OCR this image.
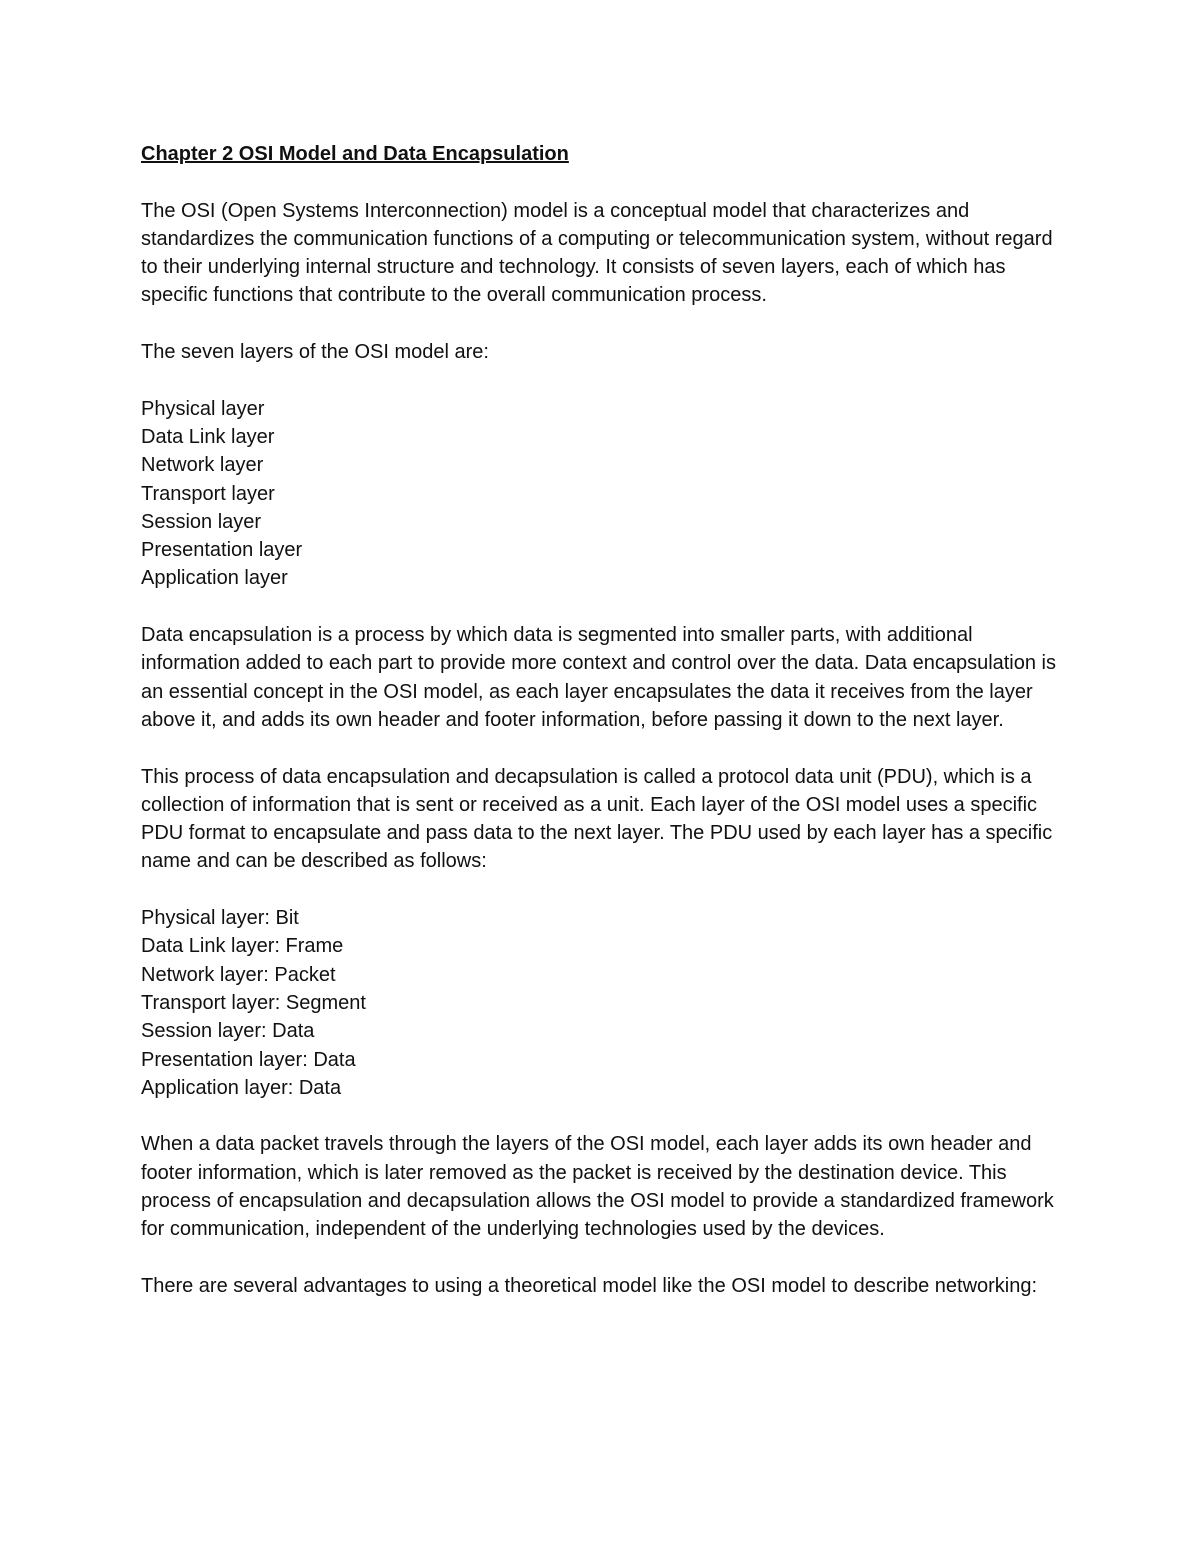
Chapter 2 OSI Model and Data Encapsulation

The OSI (Open Systems Interconnection) model is a conceptual model that characterizes and standardizes the communication functions of a computing or telecommunication system, without regard to their underlying internal structure and technology. It consists of seven layers, each of which has specific functions that contribute to the overall communication process.

The seven layers of the OSI model are:

Physical layer
Data Link layer
Network layer
Transport layer
Session layer
Presentation layer
Application layer

Data encapsulation is a process by which data is segmented into smaller parts, with additional information added to each part to provide more context and control over the data. Data encapsulation is an essential concept in the OSI model, as each layer encapsulates the data it receives from the layer above it, and adds its own header and footer information, before passing it down to the next layer.

This process of data encapsulation and decapsulation is called a protocol data unit (PDU), which is a collection of information that is sent or received as a unit. Each layer of the OSI model uses a specific PDU format to encapsulate and pass data to the next layer. The PDU used by each layer has a specific name and can be described as follows:

Physical layer: Bit
Data Link layer: Frame
Network layer: Packet
Transport layer: Segment
Session layer: Data
Presentation layer: Data
Application layer: Data

When a data packet travels through the layers of the OSI model, each layer adds its own header and footer information, which is later removed as the packet is received by the destination device. This process of encapsulation and decapsulation allows the OSI model to provide a standardized framework for communication, independent of the underlying technologies used by the devices.

There are several advantages to using a theoretical model like the OSI model to describe networking:
